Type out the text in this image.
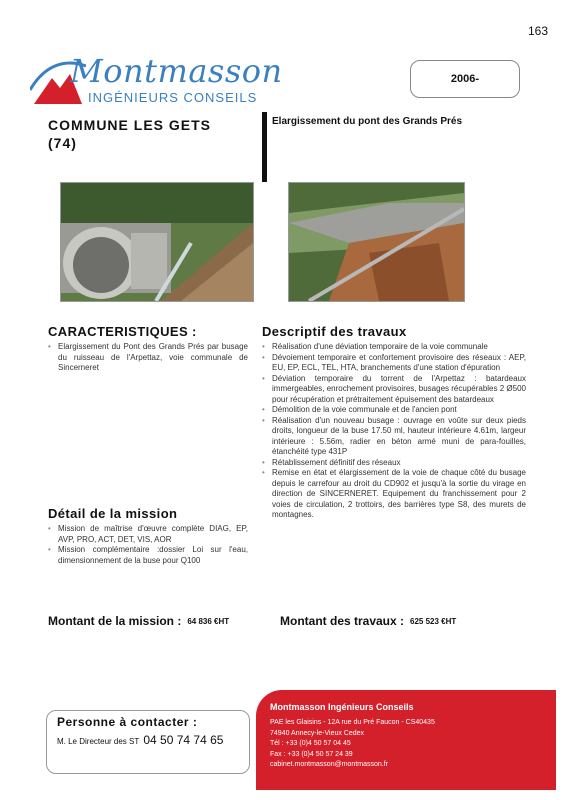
163
Montmasson
INGÉNIEURS CONSEILS
2006-
COMMUNE LES GETS
(74)
Elargissement du pont des Grands Prés
CARACTERISTIQUES :
• Elargissement du Pont des Grands Prés par busage du ruisseau de l'Arpettaz, voie communale de Sincerneret
Descriptif des travaux
• Réalisation d'une déviation temporaire de la voie communale
• Dévoiement temporaire et confortement provisoire des réseaux : AEP, EU, EP, ECL, TEL, HTA, branchements d'une station d'épuration
• Déviation temporaire du torrent de l'Arpettaz : batardeaux immergeables, enrochement provisoires, busages récupérables 2 Ø500 pour récupération et prétraitement épuisement des batardeaux
• Démolition de la voie communale et de l'ancien pont
• Réalisation d'un nouveau busage : ouvrage en voûte sur deux pieds droits, longueur de la buse 17.50 ml, hauteur intérieure 4.61m, largeur intérieure : 5.56m, radier en béton armé muni de para-fouilles, étanchéité type 431P
• Rétablissement définitif des réseaux
• Remise en état et élargissement de la voie de chaque côté du busage depuis le carrefour au droit du CD902 et jusqu'à la sortie du virage en direction de SINCERNERET. Equipement du franchissement pour 2 voies de circulation, 2 trottoirs, des barrières type S8, des murets de montagnes.
Détail de la mission
• Mission de maîtrise d'œuvre complète DIAG, EP, AVP, PRO, ACT, DET, VIS, AOR
• Mission complémentaire :dossier Loi sur l'eau, dimensionnement de la buse pour Q100
Montant de la mission : 64 836 €HT	Montant des travaux : 625 523 €HT
Personne à contacter :
M. Le Directeur des ST 04 50 74 74 65
Montmasson Ingénieurs Conseils
PAE les Glaisins - 12A rue du Pré Faucon - CS40435
74940 Annecy-le-Vieux Cedex
Tél : +33 (0)4 50 57 04 45
Fax : +33 (0)4 50 57 24 39
cabinet.montmasson@montmasson.fr
